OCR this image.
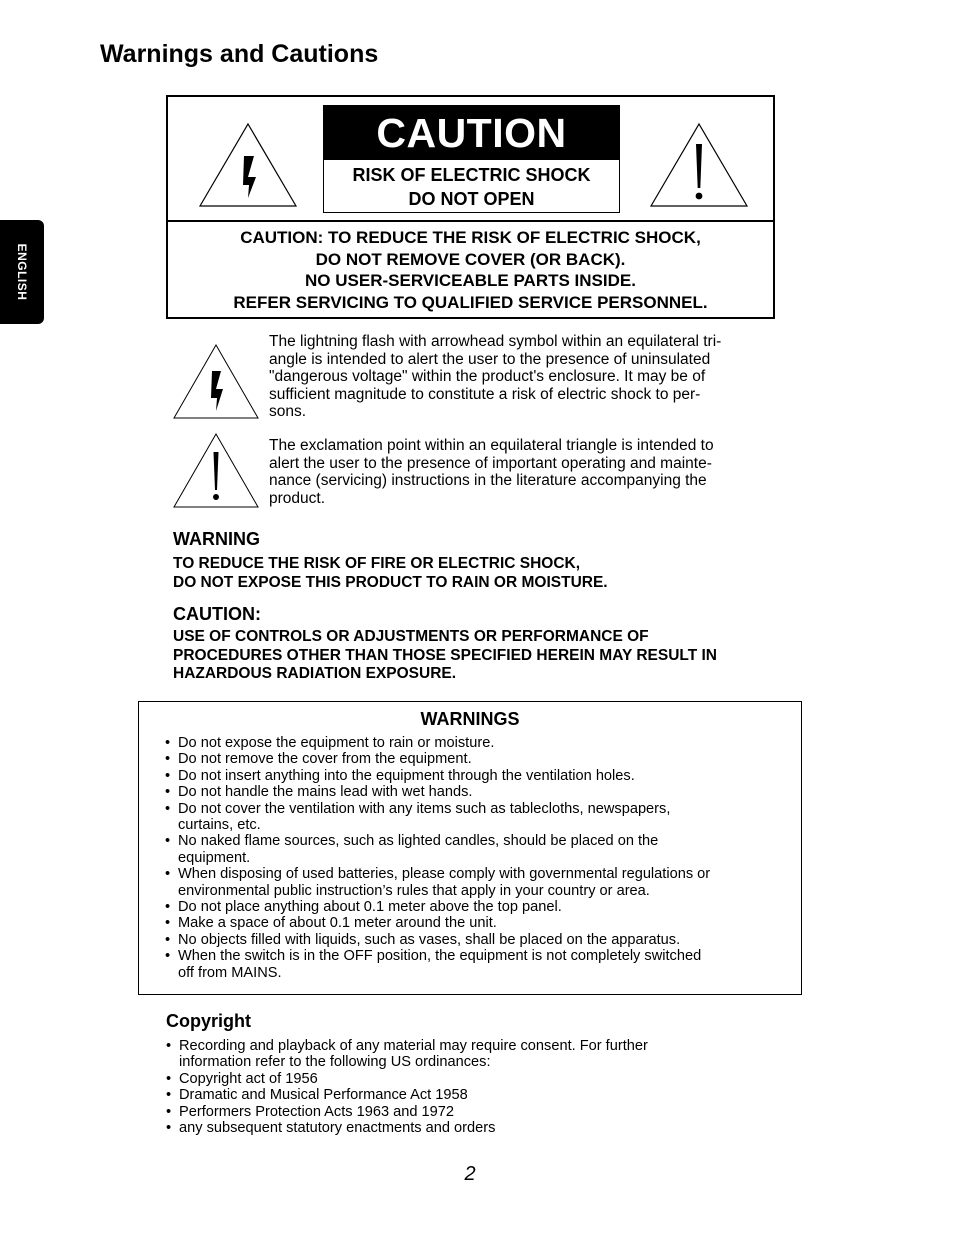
Warnings and Cautions
ENGLISH
CAUTION
RISK OF ELECTRIC SHOCK
DO NOT OPEN
CAUTION: TO REDUCE THE RISK OF ELECTRIC SHOCK,
DO NOT REMOVE COVER (OR BACK).
NO USER-SERVICEABLE PARTS INSIDE.
REFER SERVICING TO QUALIFIED SERVICE PERSONNEL.
The lightning flash with arrowhead symbol within an equilateral tri-
angle is intended to alert the user to the presence of uninsulated
"dangerous voltage" within the product's enclosure. It may be of
sufficient magnitude to constitute a risk of electric shock to per-
sons.
The exclamation point within an equilateral triangle is intended to
alert the user to the presence of important operating and mainte-
nance (servicing) instructions in the literature accompanying the
product.
WARNING
TO REDUCE THE RISK OF FIRE OR ELECTRIC SHOCK,
DO NOT EXPOSE THIS PRODUCT TO RAIN OR MOISTURE.
CAUTION:
USE OF CONTROLS OR ADJUSTMENTS OR PERFORMANCE OF
PROCEDURES OTHER THAN THOSE SPECIFIED HEREIN MAY RESULT IN
HAZARDOUS RADIATION EXPOSURE.
WARNINGS
• Do not expose the equipment to rain or moisture.
• Do not remove the cover from the equipment.
• Do not insert anything into the equipment through the ventilation holes.
• Do not handle the mains lead with wet hands.
• Do not cover the ventilation with any items such as tablecloths, newspapers,
curtains, etc.
• No naked flame sources, such as lighted candles, should be placed on the
equipment.
• When disposing of used batteries, please comply with governmental regulations or
environmental public instruction’s rules that apply in your country or area.
• Do not place anything about 0.1 meter above the top panel.
• Make a space of about 0.1 meter around the unit.
• No objects filled with liquids, such as vases, shall be placed on the apparatus.
• When the switch is in the OFF position, the equipment is not completely switched
off from MAINS.
Copyright
• Recording and playback of any material may require consent. For further
information refer to the following US ordinances:
• Copyright act of 1956
• Dramatic and Musical Performance Act 1958
• Performers Protection Acts 1963 and 1972
• any subsequent statutory enactments and orders
2
